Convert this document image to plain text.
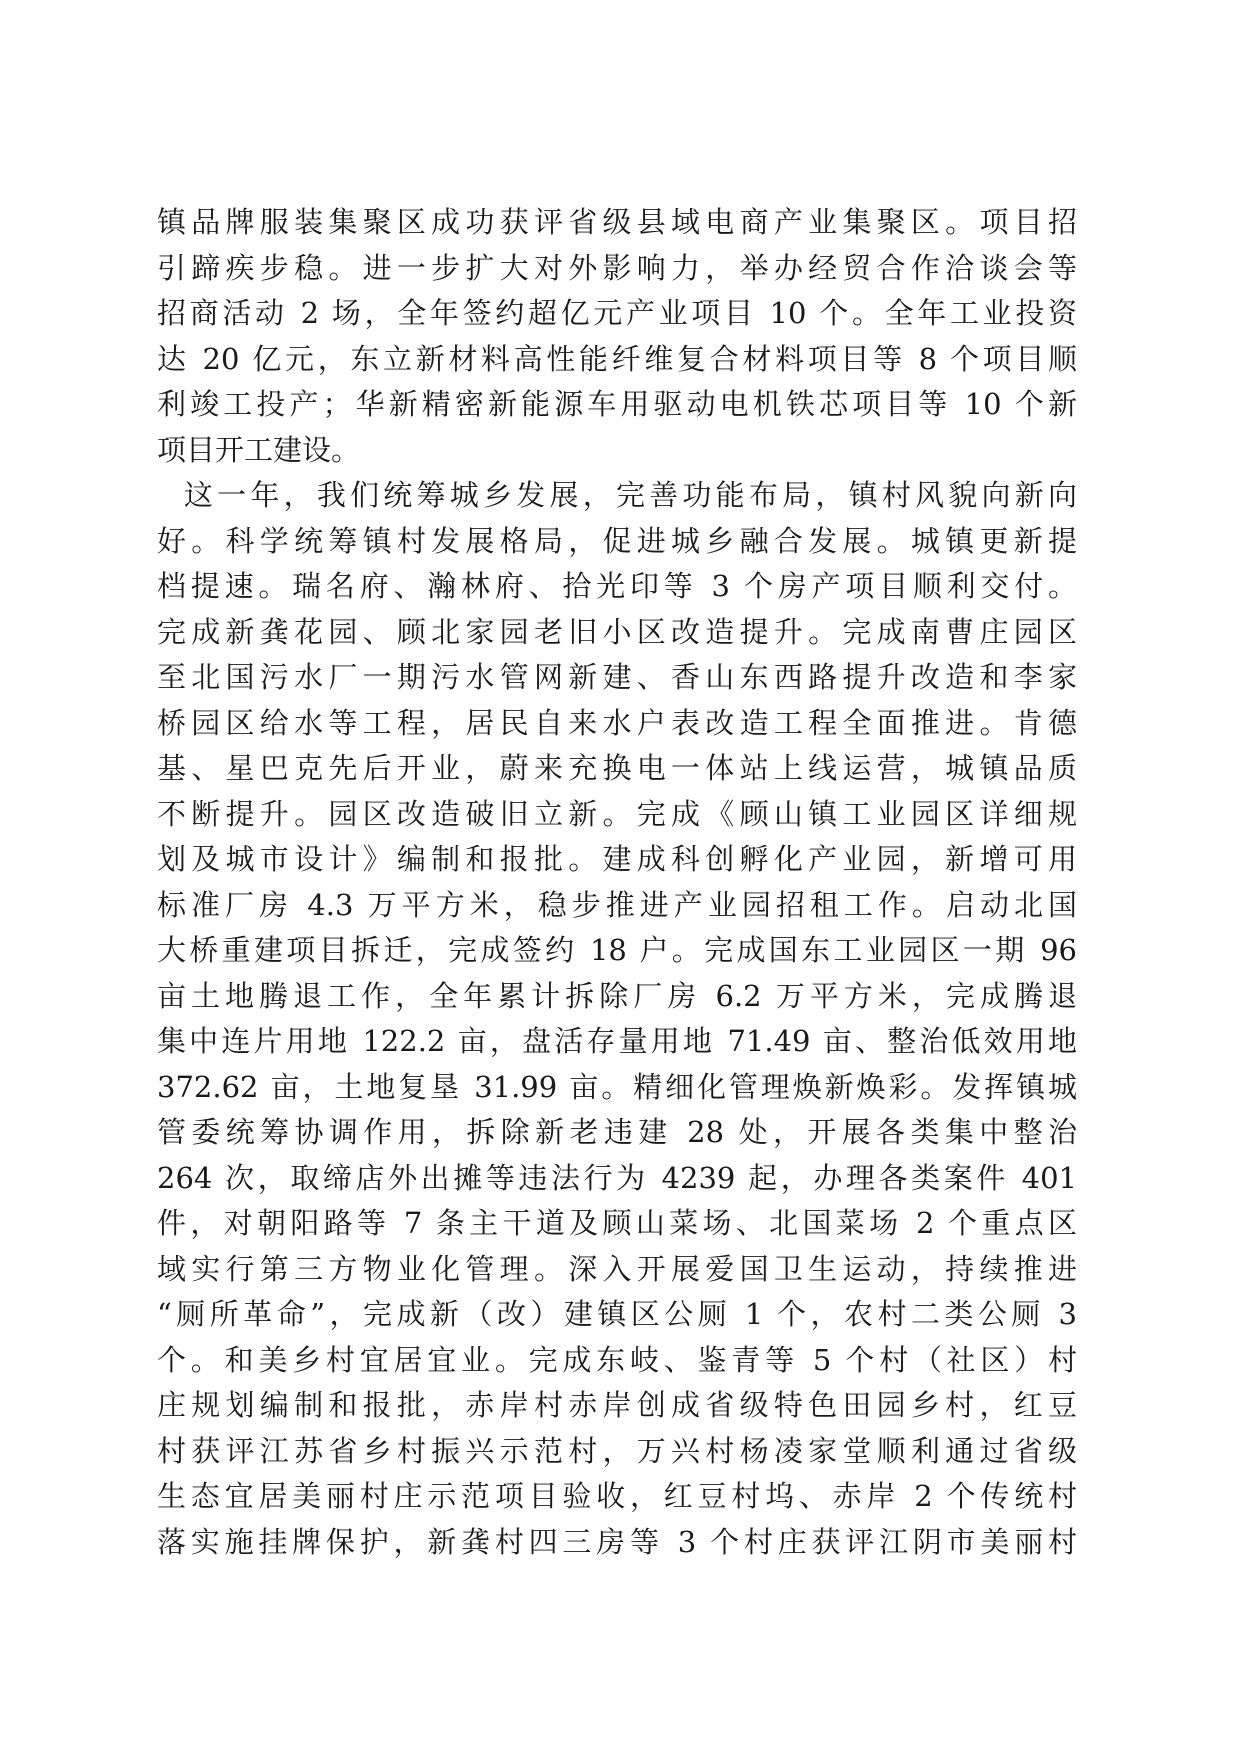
镇品牌服装集聚区成功获评省级县域电商产业集聚区。项目招
引蹄疾步稳。进一步扩大对外影响力，举办经贸合作洽谈会等
招商活动 2 场，全年签约超亿元产业项目 10 个。全年工业投资
达 20 亿元，东立新材料高性能纤维复合材料项目等 8 个项目顺
利竣工投产；华新精密新能源车用驱动电机铁芯项目等 10 个新
项目开工建设。
这一年，我们统筹城乡发展，完善功能布局，镇村风貌向新向
好。科学统筹镇村发展格局，促进城乡融合发展。城镇更新提
档提速。瑞名府、瀚林府、拾光印等 3 个房产项目顺利交付。
完成新龚花园、顾北家园老旧小区改造提升。完成南曹庄园区
至北国污水厂一期污水管网新建、香山东西路提升改造和李家
桥园区给水等工程，居民自来水户表改造工程全面推进。肯德
基、星巴克先后开业，蔚来充换电一体站上线运营，城镇品质
不断提升。园区改造破旧立新。完成《顾山镇工业园区详细规
划及城市设计》编制和报批。建成科创孵化产业园，新增可用
标准厂房 4.3 万平方米，稳步推进产业园招租工作。启动北国
大桥重建项目拆迁，完成签约 18 户。完成国东工业园区一期 96
亩土地腾退工作，全年累计拆除厂房 6.2 万平方米，完成腾退
集中连片用地 122.2 亩，盘活存量用地 71.49 亩、整治低效用地
372.62 亩，土地复垦 31.99 亩。精细化管理焕新焕彩。发挥镇城
管委统筹协调作用，拆除新老违建 28 处，开展各类集中整治
264 次，取缔店外出摊等违法行为 4239 起，办理各类案件 401
件，对朝阳路等 7 条主干道及顾山菜场、北国菜场 2 个重点区
域实行第三方物业化管理。深入开展爱国卫生运动，持续推进
“厕所革命”，完成新（改）建镇区公厕 1 个，农村二类公厕 3
个。和美乡村宜居宜业。完成东岐、鉴青等 5 个村（社区）村
庄规划编制和报批，赤岸村赤岸创成省级特色田园乡村，红豆
村获评江苏省乡村振兴示范村，万兴村杨凌家堂顺利通过省级
生态宜居美丽村庄示范项目验收，红豆村坞、赤岸 2 个传统村
落实施挂牌保护，新龚村四三房等 3 个村庄获评江阴市美丽村
